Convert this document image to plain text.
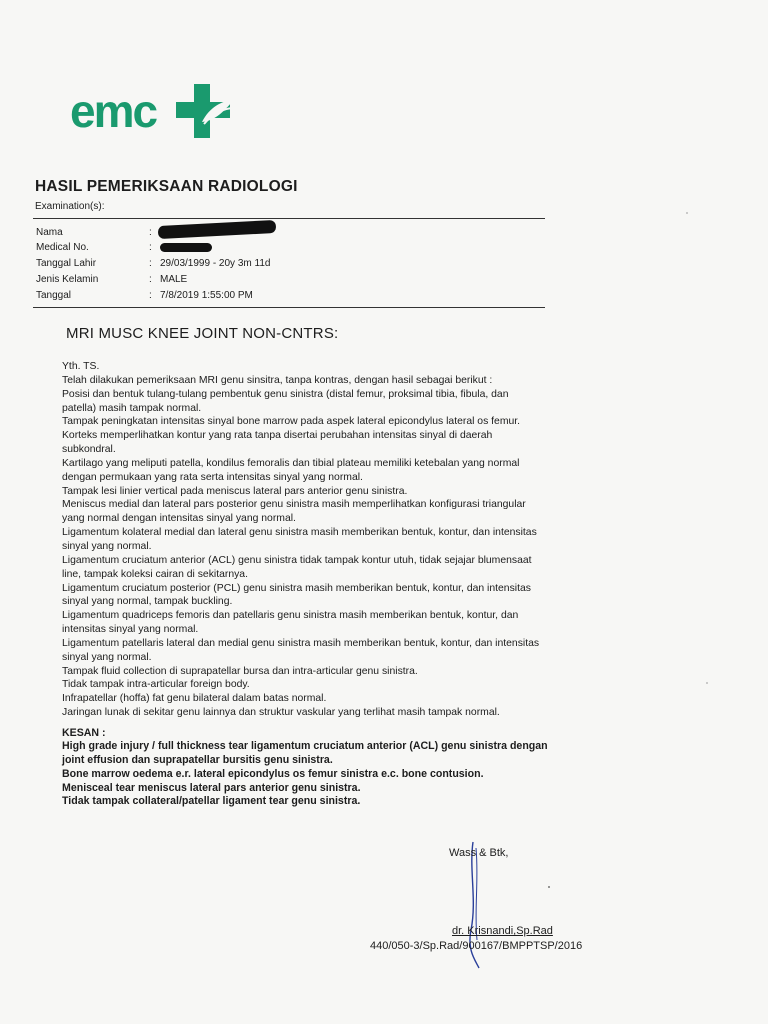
emc
HASIL PEMERIKSAAN RADIOLOGI
Examination(s):
Nama	:
Medical No.	:
Tanggal Lahir	: 29/03/1999 - 20y 3m 11d
Jenis Kelamin	: MALE
Tanggal	: 7/8/2019 1:55:00 PM
MRI MUSC KNEE JOINT NON-CNTRS:
Yth. TS.
Telah dilakukan pemeriksaan MRI genu sinsitra, tanpa kontras, dengan hasil sebagai berikut :
Posisi dan bentuk tulang-tulang pembentuk genu sinistra (distal femur, proksimal tibia, fibula, dan
patella) masih tampak normal.
Tampak peningkatan intensitas sinyal bone marrow pada aspek lateral epicondylus lateral os femur.
Korteks memperlihatkan kontur yang rata tanpa disertai perubahan intensitas sinyal di daerah
subkondral.
Kartilago yang meliputi patella, kondilus femoralis dan tibial plateau memiliki ketebalan yang normal
dengan permukaan yang rata serta intensitas sinyal yang normal.
Tampak lesi linier vertical pada meniscus lateral pars anterior genu sinistra.
Meniscus medial dan lateral pars posterior genu sinistra masih memperlihatkan konfigurasi triangular
yang normal dengan intensitas sinyal yang normal.
Ligamentum kolateral medial dan lateral genu sinistra masih memberikan bentuk, kontur, dan intensitas
sinyal yang normal.
Ligamentum cruciatum anterior (ACL) genu sinistra tidak tampak kontur utuh, tidak sejajar blumensaat
line, tampak koleksi cairan di sekitarnya.
Ligamentum cruciatum posterior (PCL) genu sinistra masih memberikan bentuk, kontur, dan intensitas
sinyal yang normal, tampak buckling.
Ligamentum quadriceps femoris dan patellaris genu sinistra masih memberikan bentuk, kontur, dan
intensitas sinyal yang normal.
Ligamentum patellaris lateral dan medial genu sinistra masih memberikan bentuk, kontur, dan intensitas
sinyal yang normal.
Tampak fluid collection di suprapatellar bursa dan intra-articular genu sinistra.
Tidak tampak intra-articular foreign body.
Infrapatellar (hoffa) fat genu bilateral dalam batas normal.
Jaringan lunak di sekitar genu lainnya dan struktur vaskular yang terlihat masih tampak normal.
KESAN :
High grade injury / full thickness tear ligamentum cruciatum anterior (ACL) genu sinistra dengan
joint effusion dan suprapatellar bursitis genu sinistra.
Bone marrow oedema e.r. lateral epicondylus os femur sinistra e.c. bone contusion.
Menisceal tear meniscus lateral pars anterior genu sinistra.
Tidak tampak collateral/patellar ligament tear genu sinistra.
Wass & Btk,
dr. Krisnandi,Sp.Rad
440/050-3/Sp.Rad/900167/BMPPTSP/2016
